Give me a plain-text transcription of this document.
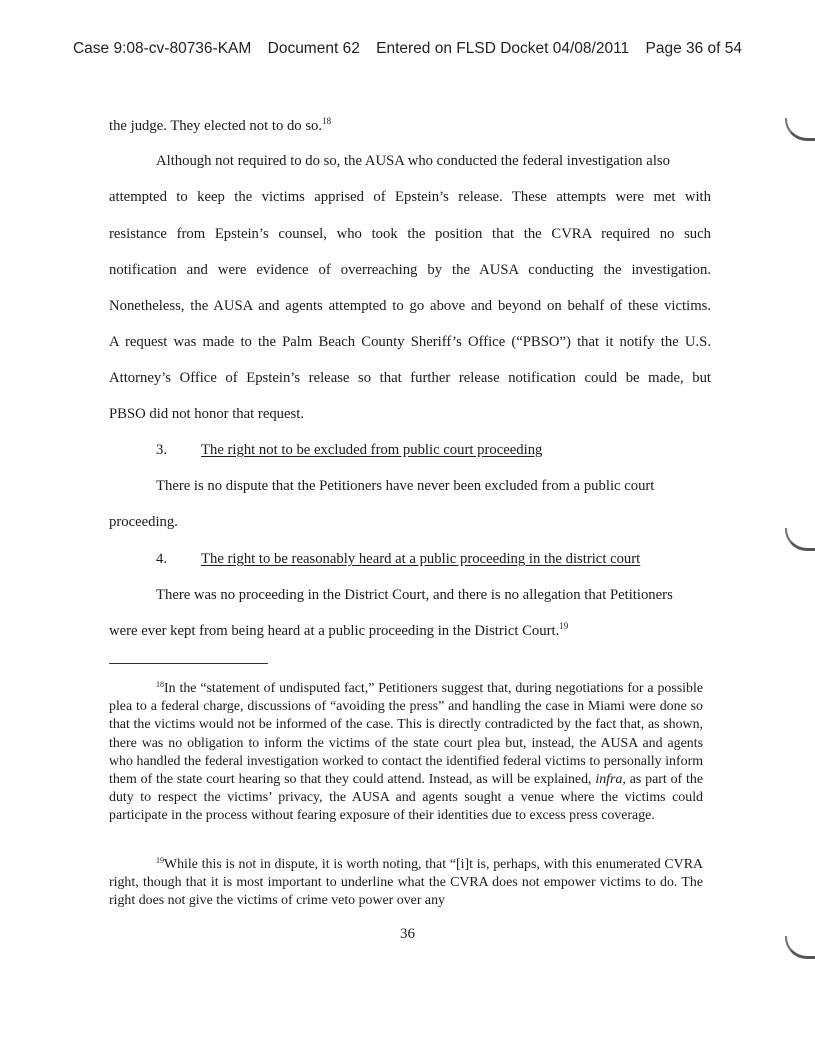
Case 9:08-cv-80736-KAM Document 62 Entered on FLSD Docket 04/08/2011 Page 36 of 54
the judge. They elected not to do so.$^{18}$
Although not required to do so, the AUSA who conducted the federal investigation also
attempted to keep the victims apprised of Epstein’s release. These attempts were met with
resistance from Epstein’s counsel, who took the position that the CVRA required no such
notification and were evidence of overreaching by the AUSA conducting the investigation.
Nonetheless, the AUSA and agents attempted to go above and beyond on behalf of these victims.
A request was made to the Palm Beach County Sheriff’s Office (“PBSO”) that it notify the U.S.
Attorney’s Office of Epstein’s release so that further release notification could be made, but
PBSO did not honor that request.
3. The right not to be excluded from public court proceeding
There is no dispute that the Petitioners have never been excluded from a public court
proceeding.
4. The right to be reasonably heard at a public proceeding in the district court
There was no proceeding in the District Court, and there is no allegation that Petitioners
were ever kept from being heard at a public proceeding in the District Court.$^{19}$

$^{18}$In the “statement of undisputed fact,” Petitioners suggest that, during negotiations for a possible plea to a federal charge, discussions of “avoiding the press” and handling the case in Miami were done so that the victims would not be informed of the case. This is directly contradicted by the fact that, as shown, there was no obligation to inform the victims of the state court plea but, instead, the AUSA and agents who handled the federal investigation worked to contact the identified federal victims to personally inform them of the state court hearing so that they could attend. Instead, as will be explained, infra, as part of the duty to respect the victims’ privacy, the AUSA and agents sought a venue where the victims could participate in the process without fearing exposure of their identities due to excess press coverage.

$^{19}$While this is not in dispute, it is worth noting, that “[i]t is, perhaps, with this enumerated CVRA right, though that it is most important to underline what the CVRA does not empower victims to do. The right does not give the victims of crime veto power over any

36
